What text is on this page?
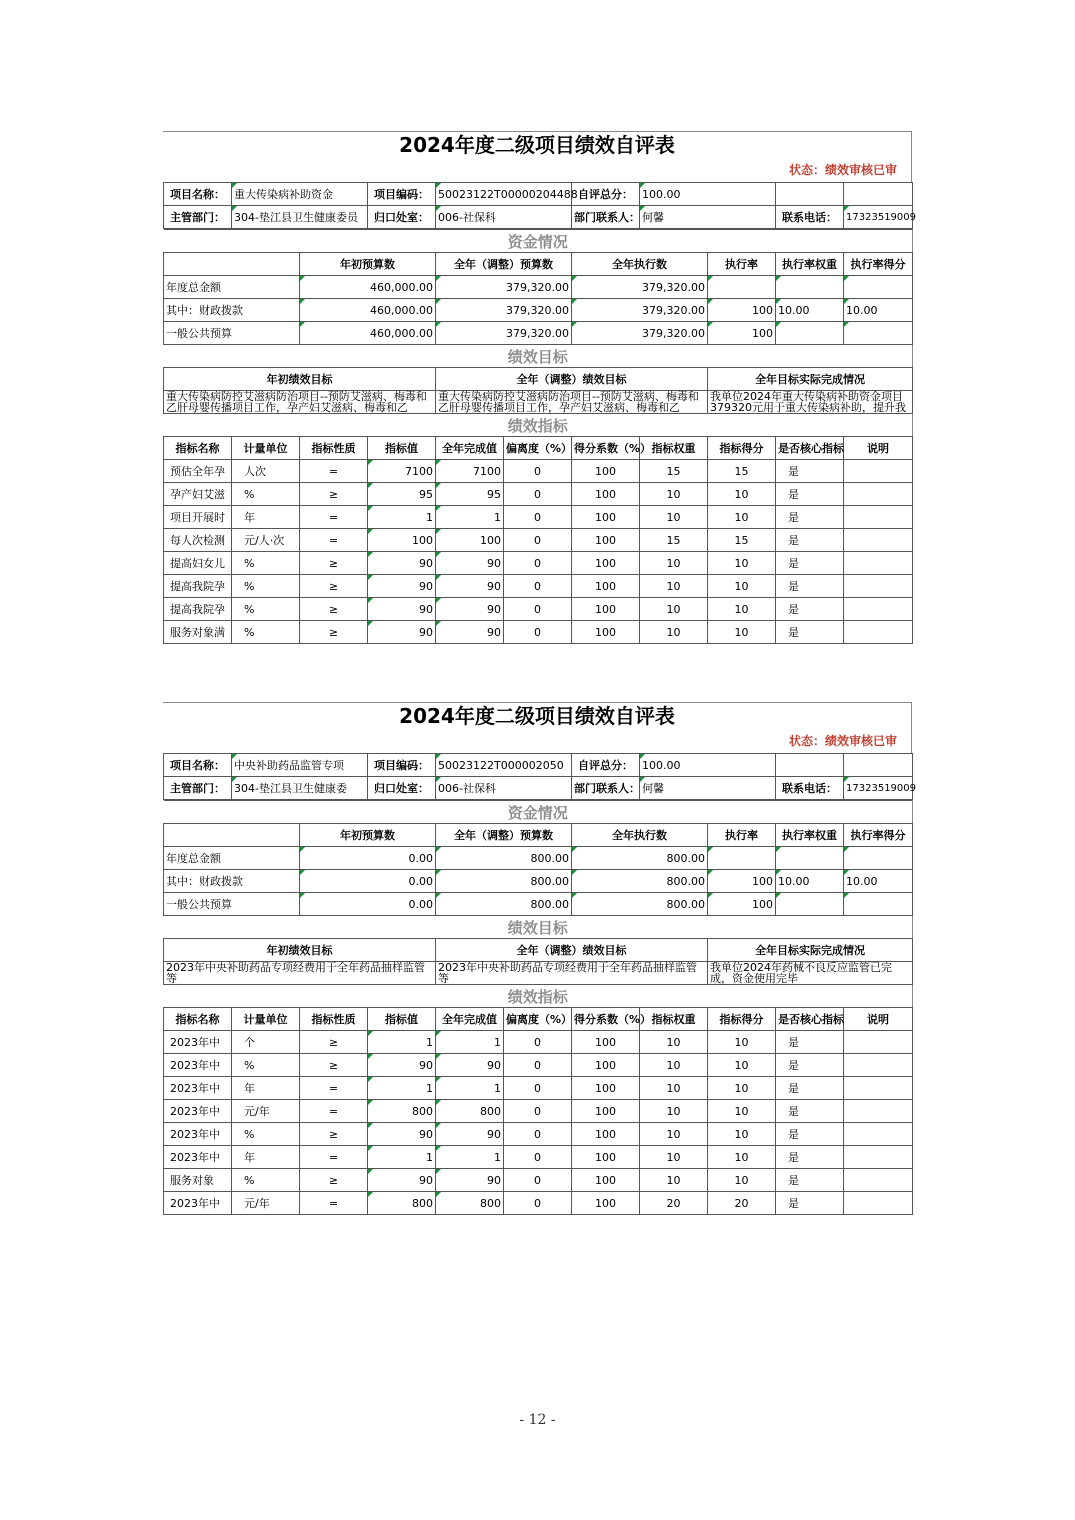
2024年度二级项目绩效自评表
状态：绩效审核已审
项目名称：	重大传染病补助资金	项目编码：	50023122T00000204488	自评总分：	100.00		
主管部门：	304-垫江县卫生健康委员	归口处室：	006-社保科	部门联系人：	何馨	联系电话：	17323519009
资金情况										
		年初预算数		全年（调整）预算数		全年执行数		执行率	执行率权重	执行率得分
年度总金额		460,000.00		379,320.00		379,320.00				
其中：财政拨款		460,000.00		379,320.00		379,320.00		100	10.00	10.00
一般公共预算		460,000.00		379,320.00		379,320.00		100		
绩效目标										
年初绩效目标				全年（调整）绩效目标				全年目标实际完成情况		
重大传染病防控艾滋病防治项目--预防艾滋病、梅毒和乙肝母婴传播项目工作，孕产妇艾滋病、梅毒和乙				重大传染病防控艾滋病防治项目--预防艾滋病、梅毒和乙肝母婴传播项目工作，孕产妇艾滋病、梅毒和乙				我单位2024年重大传染病补助资金项目379320元用于重大传染病补助，提升我		
绩效指标										
指标名称	计量单位	指标性质	指标值	全年完成值	偏离度（%）	得分系数（%）	指标权重	指标得分	是否核心指标	说明
预估全年孕	人次	=	7100	7100	0	100	15	15	是	
孕产妇艾滋	%	≥	95	95	0	100	10	10	是	
项目开展时	年	=	1	1	0	100	10	10	是	
每人次检测	元/人·次	=	100	100	0	100	15	15	是	
提高妇女儿	%	≥	90	90	0	100	10	10	是	
提高我院孕	%	≥	90	90	0	100	10	10	是	
提高我院孕	%	≥	90	90	0	100	10	10	是	
服务对象满	%	≥	90	90	0	100	10	10	是	
2024年度二级项目绩效自评表
状态：绩效审核已审
项目名称：	中央补助药品监管专项	项目编码：	50023122T000002050	自评总分：	100.00		
主管部门：	304-垫江县卫生健康委	归口处室：	006-社保科	部门联系人：	何馨	联系电话：	17323519009
资金情况										
		年初预算数		全年（调整）预算数		全年执行数		执行率	执行率权重	执行率得分
年度总金额		0.00		800.00		800.00				
其中：财政拨款		0.00		800.00		800.00		100	10.00	10.00
一般公共预算		0.00		800.00		800.00		100		
绩效目标										
年初绩效目标				全年（调整）绩效目标				全年目标实际完成情况		
2023年中央补助药品专项经费用于全年药品抽样监管等				2023年中央补助药品专项经费用于全年药品抽样监管等				我单位2024年药械不良反应监管已完成，资金使用完毕		
绩效指标										
指标名称	计量单位	指标性质	指标值	全年完成值	偏离度（%）	得分系数（%）	指标权重	指标得分	是否核心指标	说明
2023年中	个	≥	1	1	0	100	10	10	是	
2023年中	%	≥	90	90	0	100	10	10	是	
2023年中	年	=	1	1	0	100	10	10	是	
2023年中	元/年	=	800	800	0	100	10	10	是	
2023年中	%	≥	90	90	0	100	10	10	是	
2023年中	年	=	1	1	0	100	10	10	是	
服务对象	%	≥	90	90	0	100	10	10	是	
2023年中	元/年	=	800	800	0	100	20	20	是	
- 12 -
